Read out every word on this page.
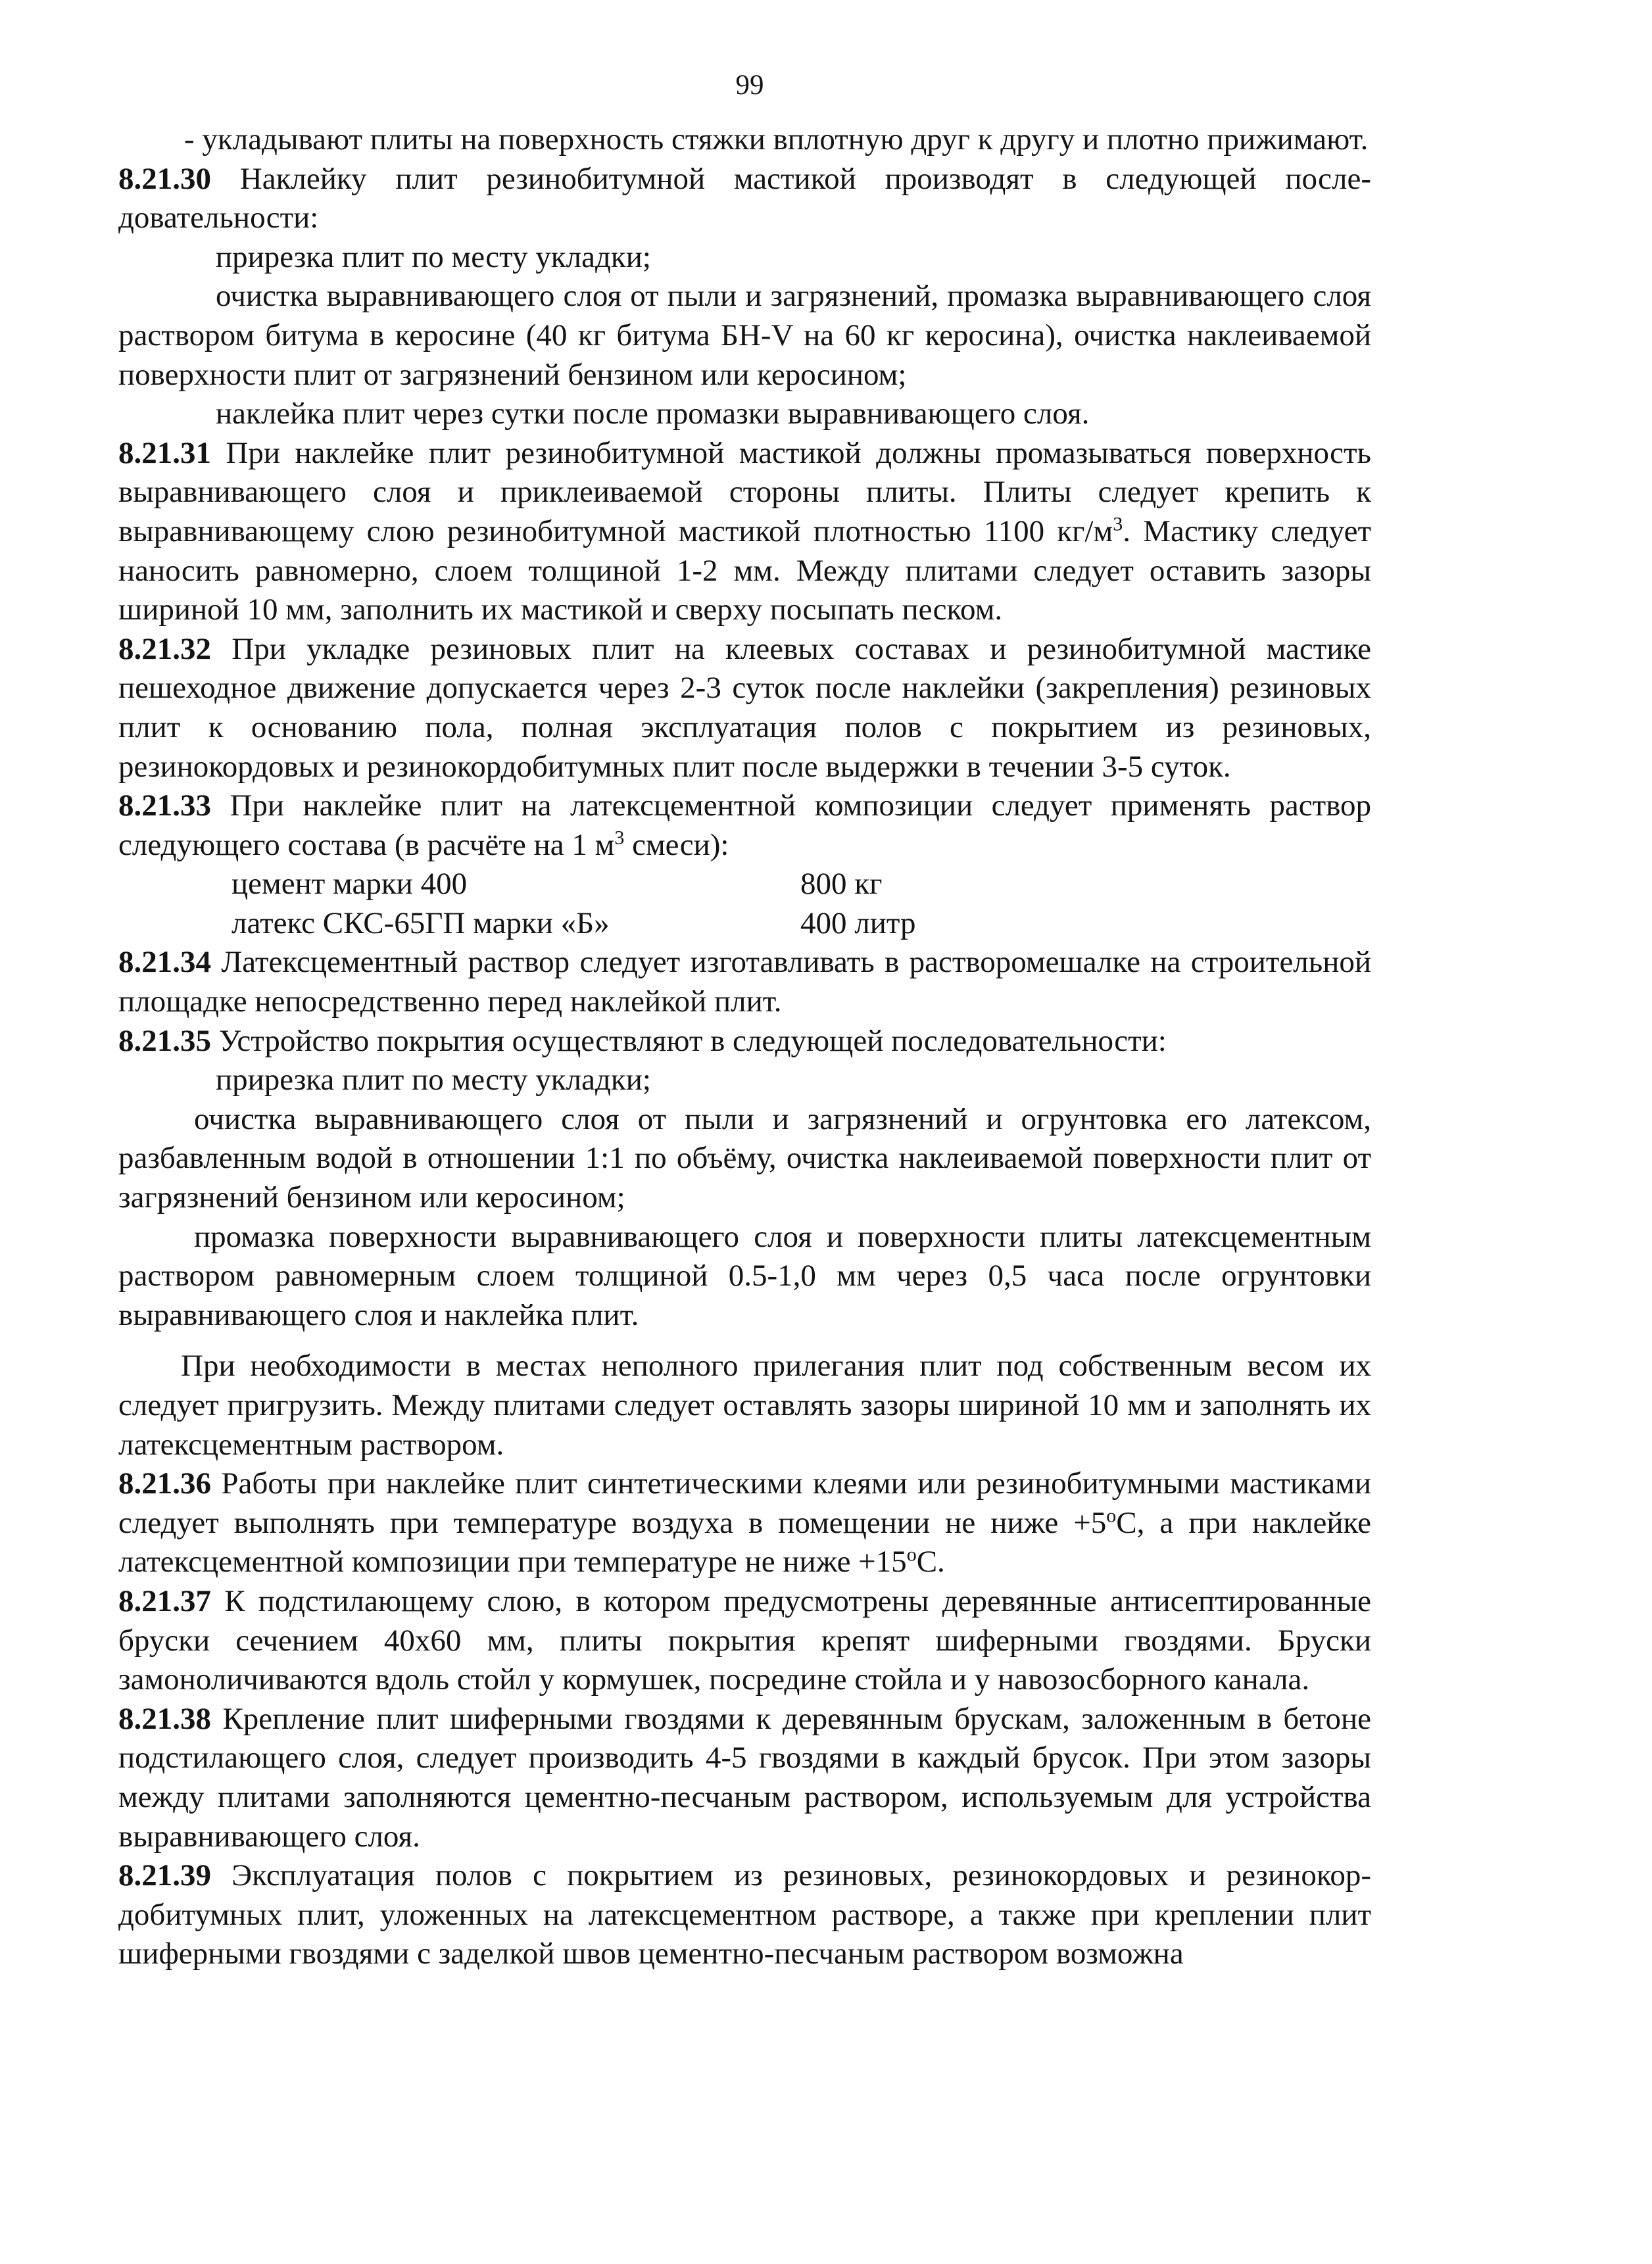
99

- укладывают плиты на поверхность стяжки вплотную друг к другу и плотно прижимают.

8.21.30 Наклейку плит резинобитумной мастикой производят в следующей последовательности:

прирезка плит по месту укладки;

очистка выравнивающего слоя от пыли и загрязнений, промазка выравнивающего слоя раствором битума в керосине (40 кг битума БН-V на 60 кг керосина), очистка наклеиваемой поверхности плит от загрязнений бензином или керосином;

наклейка плит через сутки после промазки выравнивающего слоя.

8.21.31 При наклейке плит резинобитумной мастикой должны промазываться поверхность выравнивающего слоя и приклеиваемой стороны плиты. Плиты следует крепить к выравнивающему слою резинобитумной мастикой плотностью 1100 $кг/м^3$. Мастику следует наносить равномерно, слоем толщиной 1-2 мм. Между плитами следует оставить зазоры шириной 10 мм, заполнить их мастикой и сверху посыпать песком.

8.21.32 При укладке резиновых плит на клеевых составах и резинобитумной мастике пешеходное движение допускается через 2-3 суток после наклейки (закрепления) резиновых плит к основанию пола, полная эксплуатация полов с покрытием из резиновых, резинокордовых и резинокордобитумных плит после выдержки в течении 3-5 суток.

8.21.33 При наклейке плит на латексцементной композиции следует применять раствор следующего состава (в расчёте на 1 $м^3$ смеси):

цемент марки 400	800 кг
латекс СКС-65ГП марки «Б»	400 литр

8.21.34 Латексцементный раствор следует изготавливать в растворомешалке на строительной площадке непосредственно перед наклейкой плит.

8.21.35 Устройство покрытия осуществляют в следующей последовательности:

прирезка плит по месту укладки;

очистка выравнивающего слоя от пыли и загрязнений и огрунтовка его латексом, разбавленным водой в отношении 1:1 по объёму, очистка наклеиваемой поверхности плит от загрязнений бензином или керосином;

промазка поверхности выравнивающего слоя и поверхности плиты латексцементным раствором равномерным слоем толщиной 0.5-1,0 мм через 0,5 часа после огрунтовки выравнивающего слоя и наклейка плит.

При необходимости в местах неполного прилегания плит под собственным весом их следует пригрузить. Между плитами следует оставлять зазоры шириной 10 мм и заполнять их латексцементным раствором.

8.21.36 Работы при наклейке плит синтетическими клеями или резинобитумными мастиками следует выполнять при температуре воздуха в помещении не ниже $+5^оС$, а при наклейке латексцементной композиции при температуре не ниже $+15^оС$.

8.21.37 К подстилающему слою, в котором предусмотрены деревянные антисептированные бруски сечением 40х60 мм, плиты покрытия крепят шиферными гвоздями. Бруски замоноличиваются вдоль стойл у кормушек, посредине стойла и у навозосборного канала.

8.21.38 Крепление плит шиферными гвоздями к деревянным брускам, заложенным в бетоне подстилающего слоя, следует производить 4-5 гвоздями в каждый брусок. При этом зазоры между плитами заполняются цементно-песчаным раствором, используемым для устройства выравнивающего слоя.

8.21.39 Эксплуатация полов с покрытием из резиновых, резинокордовых и резинокордобитумных плит, уложенных на латексцементном растворе, а также при креплении плит шиферными гвоздями с заделкой швов цементно-песчаным раствором возможна
